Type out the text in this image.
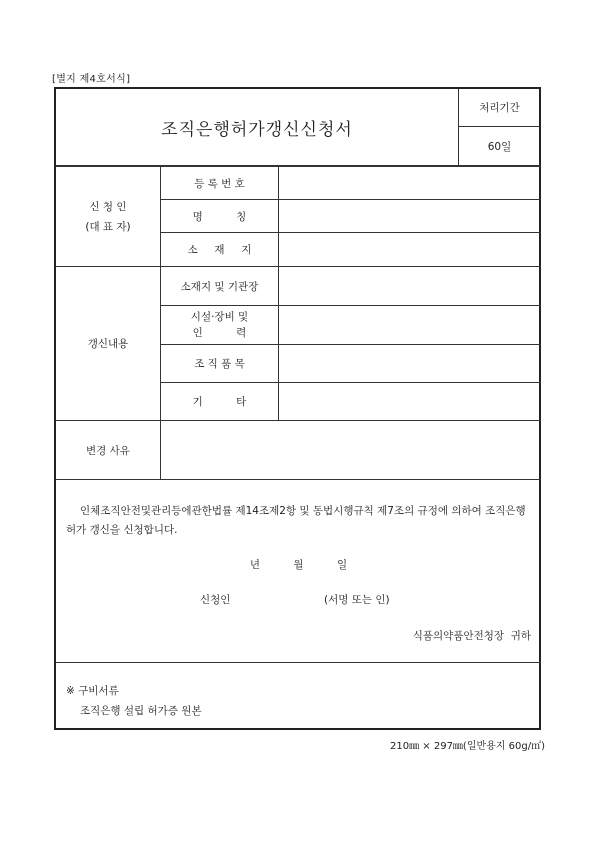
[별지 제4호서식]
조직은행허가갱신신청서
처리기간
60일
신 청 인
(대 표 자)
등 록 번 호
명          칭
소     재     지
갱신내용
소재지 및 기관장
시설·장비 및
인          력
조 직 품 목
기          타
변경 사유
인체조직안전및관리등에관한법률 제14조제2항 및 동법시행규칙 제7조의 규정에 의하여 조직은행 허가 갱신을 신청합니다.
년          월          일
신청인	(서명 또는 인)
식품의약품안전청장  귀하
※ 구비서류
조직은행 설립 허가증 원본
210㎜ × 297㎜(일반용지 60g/㎡)
